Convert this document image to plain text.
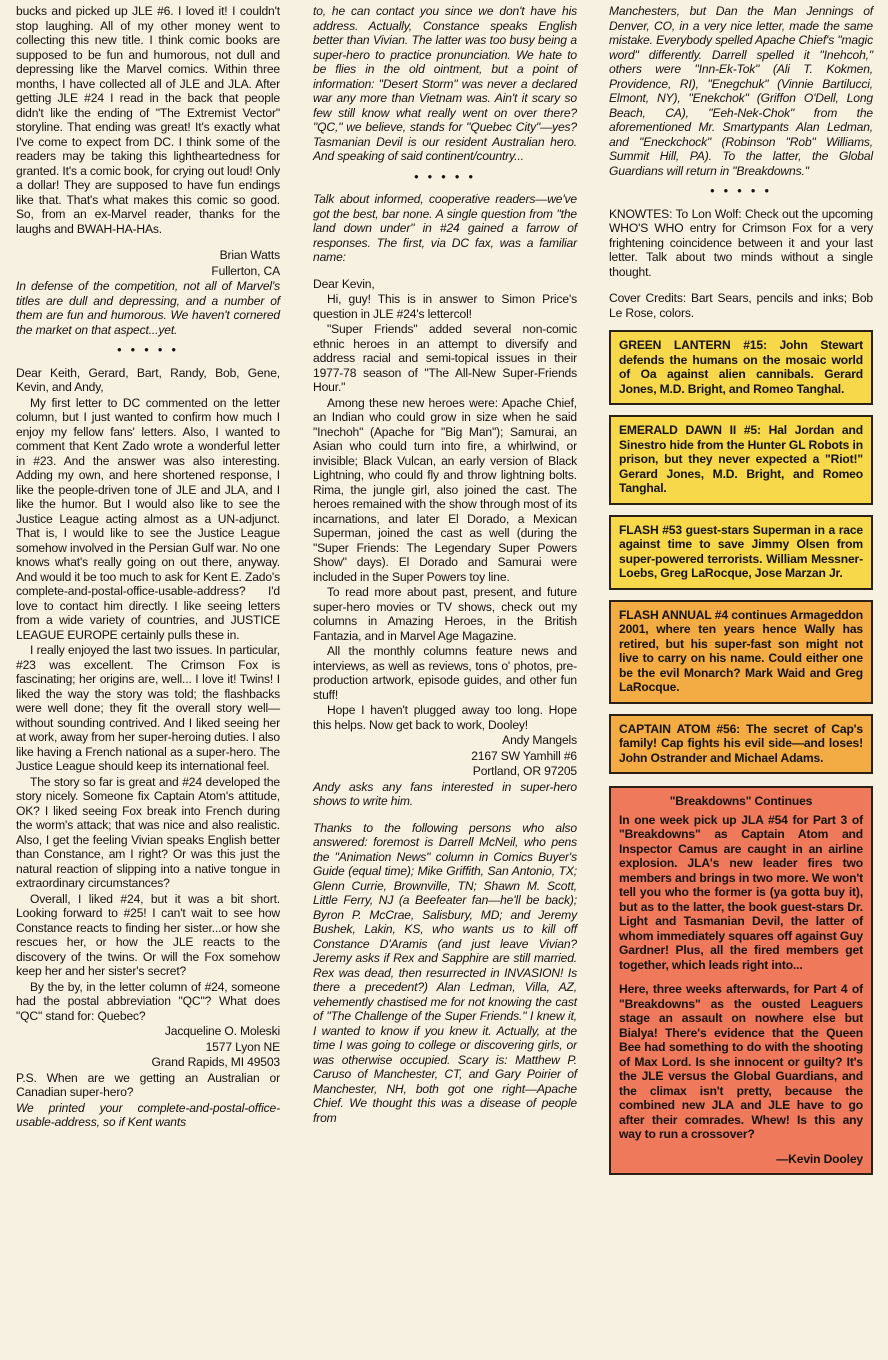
bucks and picked up JLE #6. I loved it! I couldn't stop laughing. All of my other money went to collecting this new title. I think comic books are supposed to be fun and humorous, not dull and depressing like the Marvel comics. Within three months, I have collected all of JLE and JLA. After getting JLE #24 I read in the back that people didn't like the ending of "The Extremist Vector" storyline. That ending was great! It's exactly what I've come to expect from DC. I think some of the readers may be taking this lightheartedness for granted. It's a comic book, for crying out loud! Only a dollar! They are supposed to have fun endings like that. That's what makes this comic so good. So, from an ex-Marvel reader, thanks for the laughs and BWAH-HA-HAs.

Brian Watts

Fullerton, CA

In defense of the competition, not all of Marvel's titles are dull and depressing, and a number of them are fun and humorous. We haven't cornered the market on that aspect...yet.

• • • • •

Dear Keith, Gerard, Bart, Randy, Bob, Gene, Kevin, and Andy,

My first letter to DC commented on the letter column, but I just wanted to confirm how much I enjoy my fellow fans' letters. Also, I wanted to comment that Kent Zado wrote a wonderful letter in #23. And the answer was also interesting. Adding my own, and here shortened response, I like the people-driven tone of JLE and JLA, and I like the humor. But I would also like to see the Justice League acting almost as a UN-adjunct. That is, I would like to see the Justice League somehow involved in the Persian Gulf war. No one knows what's really going on out there, anyway. And would it be too much to ask for Kent E. Zado's complete-and-postal-office-usable-address? I'd love to contact him directly. I like seeing letters from a wide variety of countries, and JUSTICE LEAGUE EUROPE certainly pulls these in.

I really enjoyed the last two issues. In particular, #23 was excellent. The Crimson Fox is fascinating; her origins are, well... I love it! Twins! I liked the way the story was told; the flashbacks were well done; they fit the overall story well—without sounding contrived. And I liked seeing her at work, away from her super-heroing duties. I also like having a French national as a super-hero. The Justice League should keep its international feel.

The story so far is great and #24 developed the story nicely. Someone fix Captain Atom's attitude, OK? I liked seeing Fox break into French during the worm's attack; that was nice and also realistic. Also, I get the feeling Vivian speaks English better than Constance, am I right? Or was this just the natural reaction of slipping into a native tongue in extraordinary circumstances?

Overall, I liked #24, but it was a bit short. Looking forward to #25! I can't wait to see how Constance reacts to finding her sister...or how she rescues her, or how the JLE reacts to the discovery of the twins. Or will the Fox somehow keep her and her sister's secret?

By the by, in the letter column of #24, someone had the postal abbreviation "QC"? What does "QC" stand for: Quebec?

Jacqueline O. Moleski

1577 Lyon NE

Grand Rapids, MI 49503

P.S. When are we getting an Australian or Canadian super-hero?

We printed your complete-and-postal-office-usable-address, so if Kent wants

to, he can contact you since we don't have his address. Actually, Constance speaks English better than Vivian. The latter was too busy being a super-hero to practice pronunciation. We hate to be flies in the old ointment, but a point of information: "Desert Storm" was never a declared war any more than Vietnam was. Ain't it scary so few still know what really went on over there? "QC," we believe, stands for "Quebec City"—yes? Tasmanian Devil is our resident Australian hero. And speaking of said continent/country...

• • • • •

Talk about informed, cooperative readers—we've got the best, bar none. A single question from "the land down under" in #24 gained a farrow of responses. The first, via DC fax, was a familiar name:

Dear Kevin,

Hi, guy! This is in answer to Simon Price's question in JLE #24's lettercol!

"Super Friends" added several non-comic ethnic heroes in an attempt to diversify and address racial and semi-topical issues in their 1977-78 season of "The All-New Super-Friends Hour."

Among these new heroes were: Apache Chief, an Indian who could grow in size when he said "Inechoh" (Apache for "Big Man"); Samurai, an Asian who could turn into fire, a whirlwind, or invisible; Black Vulcan, an early version of Black Lightning, who could fly and throw lightning bolts. Rima, the jungle girl, also joined the cast. The heroes remained with the show through most of its incarnations, and later El Dorado, a Mexican Superman, joined the cast as well (during the "Super Friends: The Legendary Super Powers Show" days). El Dorado and Samurai were included in the Super Powers toy line.

To read more about past, present, and future super-hero movies or TV shows, check out my columns in Amazing Heroes, in the British Fantazia, and in Marvel Age Magazine.

All the monthly columns feature news and interviews, as well as reviews, tons o' photos, pre-production artwork, episode guides, and other fun stuff!

Hope I haven't plugged away too long. Hope this helps. Now get back to work, Dooley!

Andy Mangels

2167 SW Yamhill #6

Portland, OR 97205

Andy asks any fans interested in super-hero shows to write him.

Thanks to the following persons who also answered: foremost is Darrell McNeil, who pens the "Animation News" column in Comics Buyer's Guide (equal time); Mike Griffith, San Antonio, TX; Glenn Currie, Brownville, TN; Shawn M. Scott, Little Ferry, NJ (a Beefeater fan—he'll be back); Byron P. McCrae, Salisbury, MD; and Jeremy Bushek, Lakin, KS, who wants us to kill off Constance D'Aramis (and just leave Vivian? Jeremy asks if Rex and Sapphire are still married. Rex was dead, then resurrected in INVASION! Is there a precedent?) Alan Ledman, Villa, AZ, vehemently chastised me for not knowing the cast of "The Challenge of the Super Friends." I knew it, I wanted to know if you knew it. Actually, at the time I was going to college or discovering girls, or was otherwise occupied. Scary is: Matthew P. Caruso of Manchester, CT, and Gary Poirier of Manchester, NH, both got one right—Apache Chief. We thought this was a disease of people from

Manchesters, but Dan the Man Jennings of Denver, CO, in a very nice letter, made the same mistake. Everybody spelled Apache Chief's "magic word" differently. Darrell spelled it "Inehcoh," others were "Inn-Ek-Tok" (Ali T. Kokmen, Providence, RI), "Enegchuk" (Vinnie Bartilucci, Elmont, NY), "Enekchok" (Griffon O'Dell, Long Beach, CA), "Eeh-Nek-Chok" from the aforementioned Mr. Smartypants Alan Ledman, and "Eneckchock" (Robinson "Rob" Williams, Summit Hill, PA). To the latter, the Global Guardians will return in "Breakdowns."

• • • • •

KNOWTES: To Lon Wolf: Check out the upcoming WHO'S WHO entry for Crimson Fox for a very frightening coincidence between it and your last letter. Talk about two minds without a single thought.

Cover Credits: Bart Sears, pencils and inks; Bob Le Rose, colors.

GREEN LANTERN #15: John Stewart defends the humans on the mosaic world of Oa against alien cannibals. Gerard Jones, M.D. Bright, and Romeo Tanghal.
EMERALD DAWN II #5: Hal Jordan and Sinestro hide from the Hunter GL Robots in prison, but they never expected a "Riot!" Gerard Jones, M.D. Bright, and Romeo Tanghal.
FLASH #53 guest-stars Superman in a race against time to save Jimmy Olsen from super-powered terrorists. William Messner-Loebs, Greg LaRocque, Jose Marzan Jr.
FLASH ANNUAL #4 continues Armageddon 2001, where ten years hence Wally has retired, but his super-fast son might not live to carry on his name. Could either one be the evil Monarch? Mark Waid and Greg LaRocque.
CAPTAIN ATOM #56: The secret of Cap's family! Cap fights his evil side—and loses! John Ostrander and Michael Adams.

"Breakdowns" Continues

In one week pick up JLA #54 for Part 3 of "Breakdowns" as Captain Atom and Inspector Camus are caught in an airline explosion. JLA's new leader fires two members and brings in two more. We won't tell you who the former is (ya gotta buy it), but as to the latter, the book guest-stars Dr. Light and Tasmanian Devil, the latter of whom immediately squares off against Guy Gardner! Plus, all the fired members get together, which leads right into...

Here, three weeks afterwards, for Part 4 of "Breakdowns" as the ousted Leaguers stage an assault on nowhere else but Bialya! There's evidence that the Queen Bee had something to do with the shooting of Max Lord. Is she innocent or guilty? It's the JLE versus the Global Guardians, and the climax isn't pretty, because the combined new JLA and JLE have to go after their comrades. Whew! Is this any way to run a crossover?

—Kevin Dooley
